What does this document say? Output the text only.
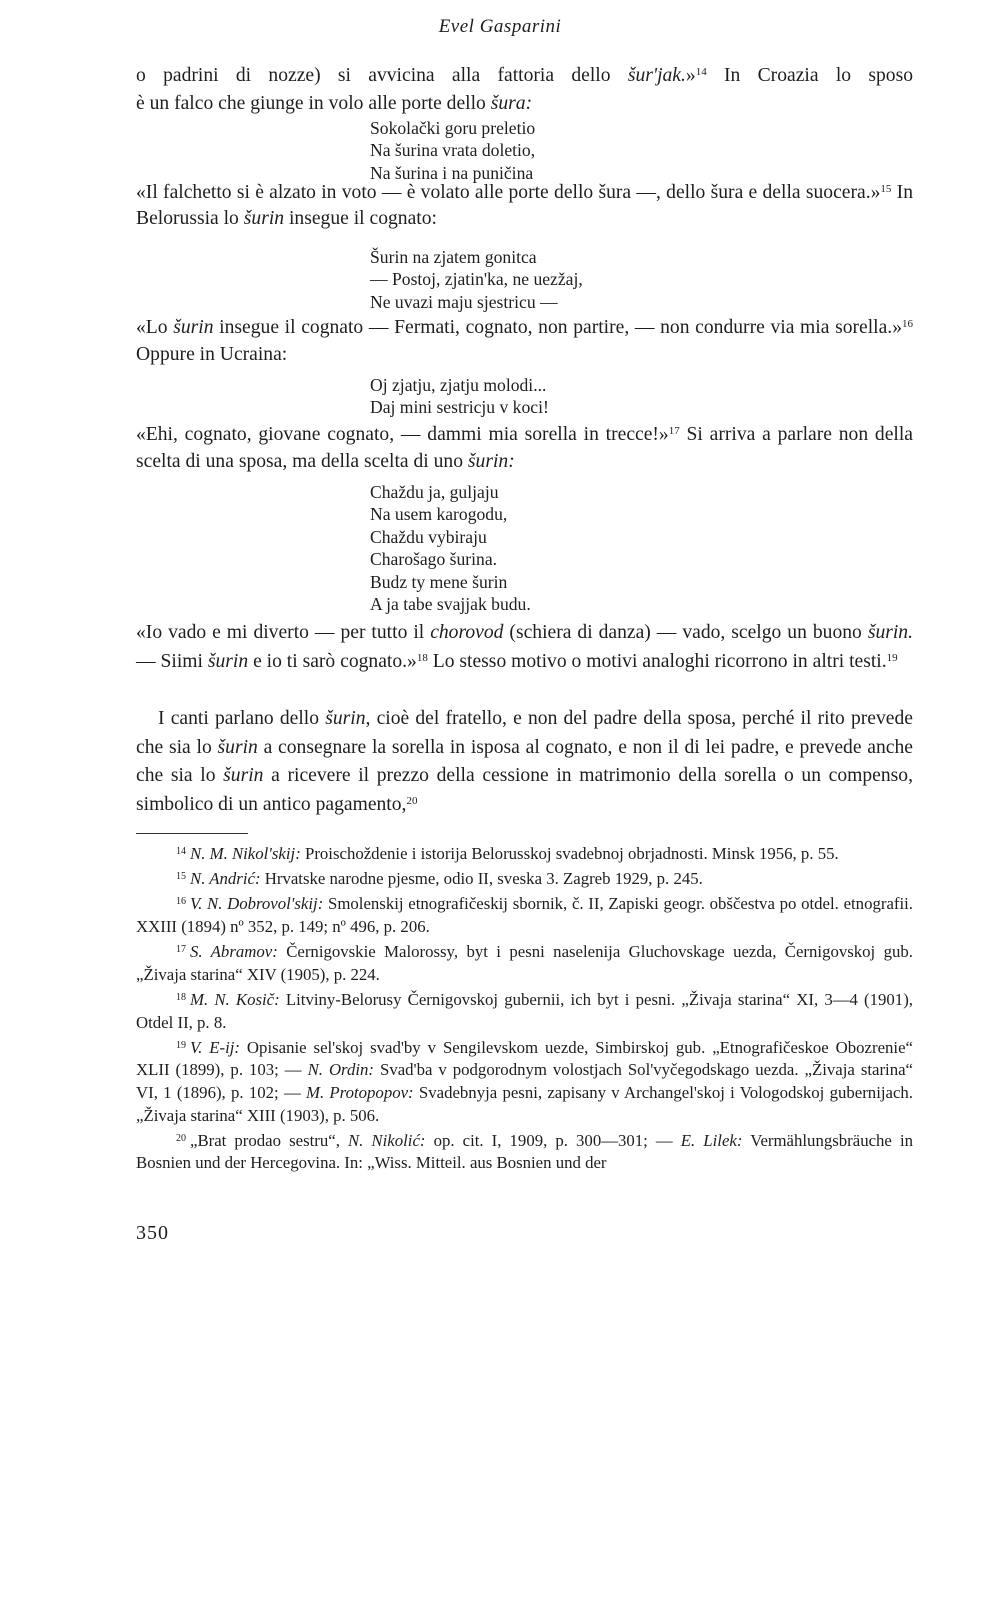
Evel Gasparini

o padrini di nozze) si avvicina alla fattoria dello šur'jak.»$^{14}$ In Croazia lo sposo

è un falco che giunge in volo alle porte dello šura:

Sokolački goru preletio
Na šurina vrata doletio,
Na šurina i na puničina

«Il falchetto si è alzato in voto — è volato alle porte dello šura —, dello šura e della suocera.»$^{15}$ In Belorussia lo šurin insegue il cognato:

Šurin na zjatem gonitca
— Postoj, zjatin'ka, ne uezžaj,
Ne uvazi maju sjestricu —

«Lo šurin insegue il cognato — Fermati, cognato, non partire, — non condurre via mia sorella.»$^{16}$ Oppure in Ucraina:

Oj zjatju, zjatju molodi...
Daj mini sestricju v koci!

«Ehi, cognato, giovane cognato, — dammi mia sorella in trecce!»$^{17}$ Si arriva a parlare non della scelta di una sposa, ma della scelta di uno šurin:

Chaždu ja, guljaju
Na usem karogodu,
Chaždu vybiraju
Charošago šurina.
Budz ty mene šurin
A ja tabe svajjak budu.

«Io vado e mi diverto — per tutto il chorovod (schiera di danza) — vado, scelgo un buono šurin. — Siimi šurin e io ti sarò cognato.»$^{18}$ Lo stesso motivo o motivi analoghi ricorrono in altri testi.$^{19}$

I canti parlano dello šurin, cioè del fratello, e non del padre della sposa, perché il rito prevede che sia lo šurin a consegnare la sorella in isposa al cognato, e non il di lei padre, e prevede anche che sia lo šurin a ricevere il prezzo della cessione in matrimonio della sorella o un compenso, simbolico di un antico pagamento,$^{20}$

$^{14}$ N. M. Nikol'skij: Proischoždenie i istorija Belorusskoj svadebnoj obrjadnosti. Minsk 1956, p. 55.

$^{15}$ N. Andrić: Hrvatske narodne pjesme, odio II, sveska 3. Zagreb 1929, p. 245.

$^{16}$ V. N. Dobrovol'skij: Smolenskij etnografičeskij sbornik, č. II, Zapiski geogr. obščestva po otdel. etnografii. XXIII (1894) nº 352, p. 149; nº 496, p. 206.

$^{17}$ S. Abramov: Černigovskie Malorossy, byt i pesni naselenija Gluchovskage uezda, Černigovskoj gub. „Živaja starina“ XIV (1905), p. 224.

$^{18}$ M. N. Kosič: Litviny-Belorusy Černigovskoj gubernii, ich byt i pesni. „Živaja starina“ XI, 3—4 (1901), Otdel II, p. 8.

$^{19}$ V. E-ij: Opisanie sel'skoj svad'by v Sengilevskom uezde, Simbirskoj gub. „Etnografičeskoe Obozrenie“ XLII (1899), p. 103; — N. Ordin: Svad'ba v podgorodnym volostjach Sol'vyčegodskago uezda. „Živaja starina“ VI, 1 (1896), p. 102; — M. Protopopov: Svadebnyja pesni, zapisany v Archangel'skoj i Vologodskoj gubernijach. „Živaja starina“ XIII (1903), p. 506.

$^{20}$ „Brat prodao sestru“, N. Nikolić: op. cit. I, 1909, p. 300—301; — E. Lilek: Vermählungsbräuche in Bosnien und der Hercegovina. In: „Wiss. Mitteil. aus Bosnien und der

350
